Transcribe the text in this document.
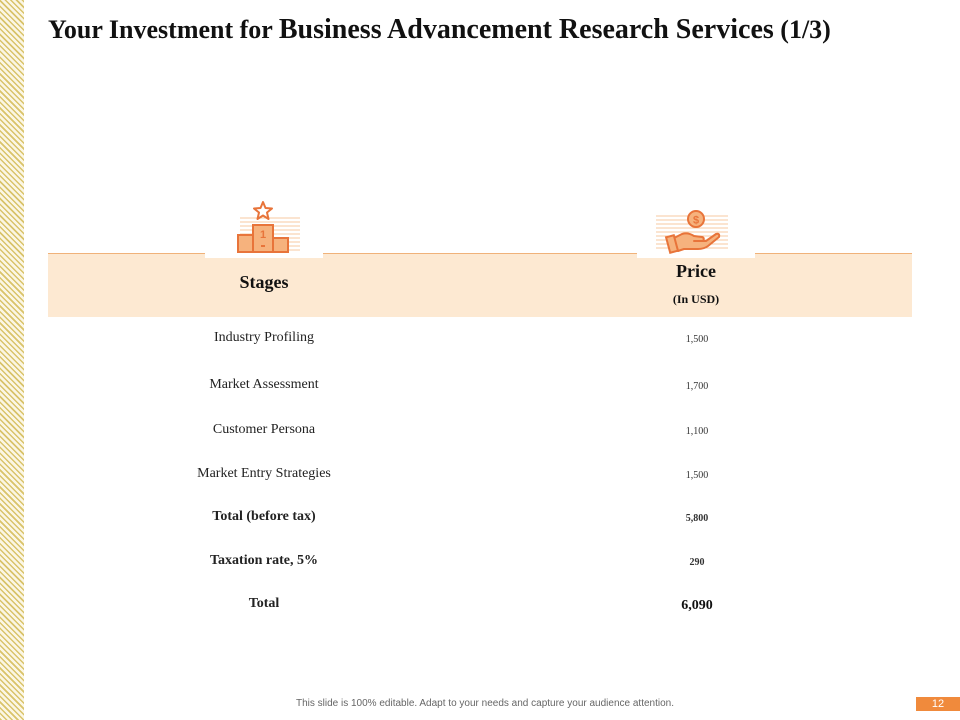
Your Investment for Business Advancement Research Services (1/3)
1
$
Stages
Price
(In USD)
Industry Profiling	1,500
Market Assessment	1,700
Customer Persona	1,100
Market Entry Strategies	1,500
Total (before tax)	5,800
Taxation rate, 5%	290
Total	6,090
This slide is 100% editable. Adapt to your needs and capture your audience attention.	12
